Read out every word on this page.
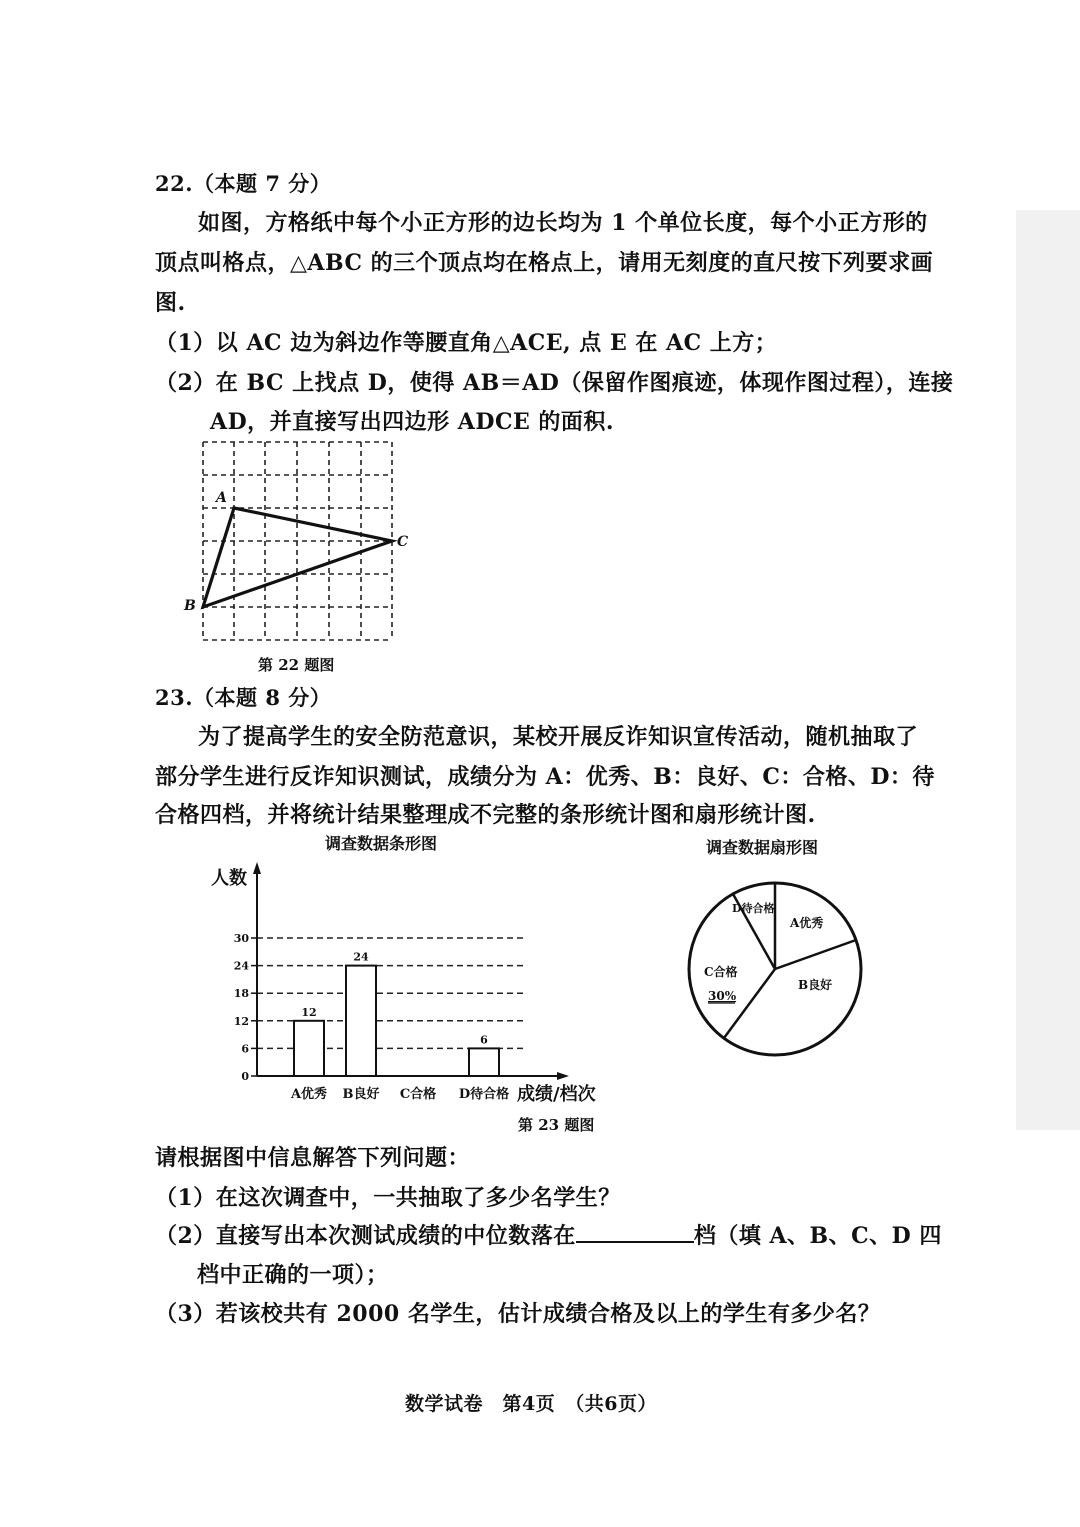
22.（本题 7 分）
如图，方格纸中每个小正方形的边长均为 1 个单位长度，每个小正方形的
顶点叫格点，△ABC 的三个顶点均在格点上，请用无刻度的直尺按下列要求画
图.
（1）以 AC 边为斜边作等腰直角△ACE, 点 E 在 AC 上方；
（2）在 BC 上找点 D，使得 AB＝AD（保留作图痕迹，体现作图过程），连接
AD，并直接写出四边形 ADCE 的面积.
A
B
C
第 22 题图
23.（本题 8 分）
为了提高学生的安全防范意识，某校开展反诈知识宣传活动，随机抽取了
部分学生进行反诈知识测试，成绩分为 A：优秀、B：良好、C：合格、D：待
合格四档，并将统计结果整理成不完整的条形统计图和扇形统计图.
调查数据条形图
人数
成绩/档次
0
6
12
18
24
30
A优秀 B良好 C合格 D待合格
12
24
6
调查数据扇形图
D待合格
A优秀
B良好
C合格
30%
第 23 题图
请根据图中信息解答下列问题：
（1）在这次调查中，一共抽取了多少名学生？
（2）直接写出本次测试成绩的中位数落在	档（填 A、B、C、D 四
档中正确的一项）；
（3）若该校共有 2000 名学生，估计成绩合格及以上的学生有多少名？
数学试卷　第4页　（共6页）
